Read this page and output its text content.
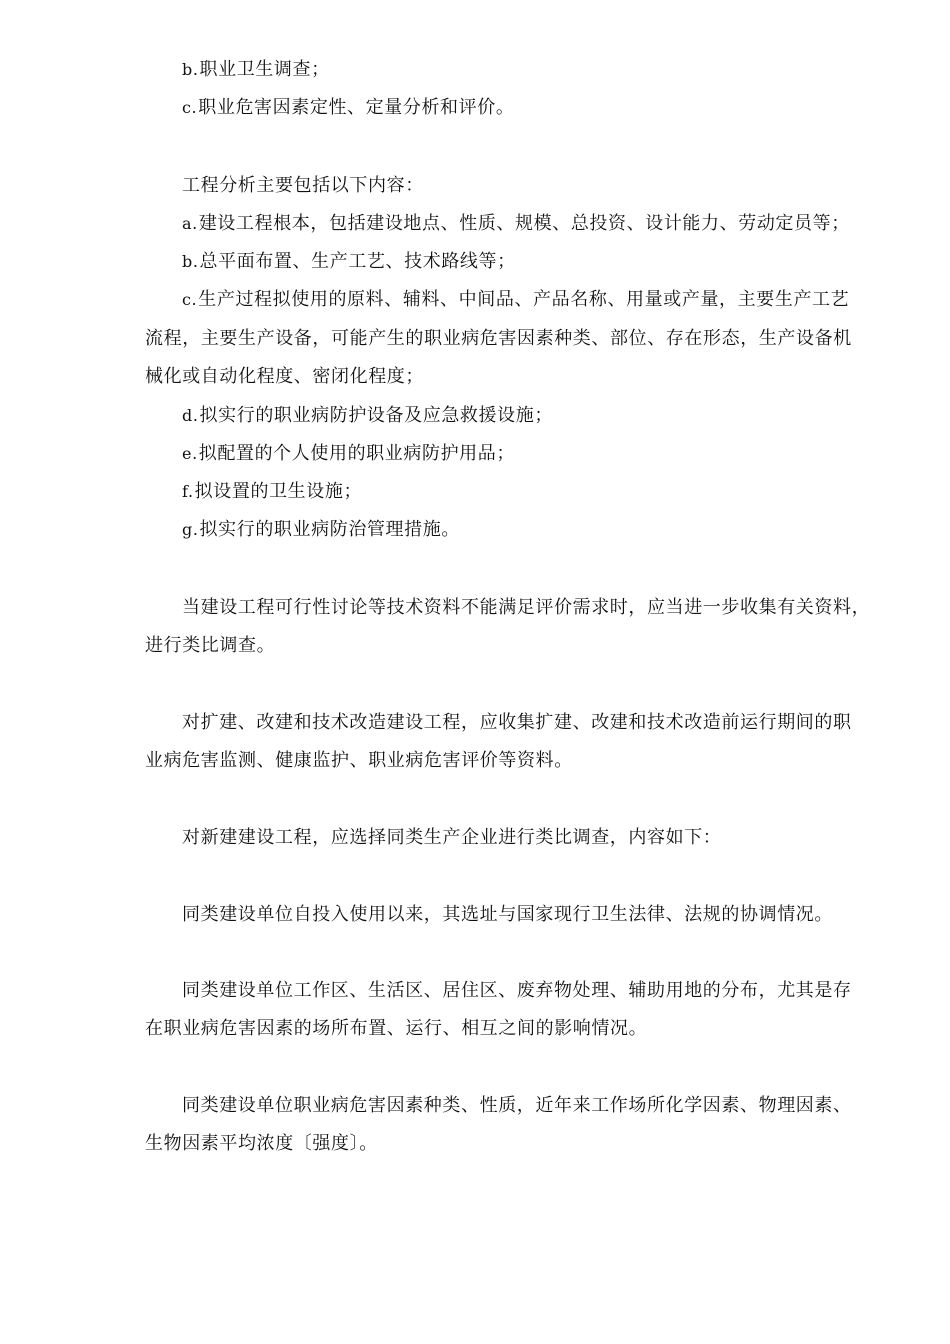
b.职业卫生调查；
c.职业危害因素定性、定量分析和评价。
工程分析主要包括以下内容：
a.建设工程根本，包括建设地点、性质、规模、总投资、设计能力、劳动定员等；
b.总平面布置、生产工艺、技术路线等；
c.生产过程拟使用的原料、辅料、中间品、产品名称、用量或产量，主要生产工艺
流程，主要生产设备，可能产生的职业病危害因素种类、部位、存在形态，生产设备机
械化或自动化程度、密闭化程度；
d.拟实行的职业病防护设备及应急救援设施；
e.拟配置的个人使用的职业病防护用品；
f.拟设置的卫生设施；
g.拟实行的职业病防治管理措施。
当建设工程可行性讨论等技术资料不能满足评价需求时，应当进一步收集有关资料，
进行类比调查。
对扩建、改建和技术改造建设工程，应收集扩建、改建和技术改造前运行期间的职
业病危害监测、健康监护、职业病危害评价等资料。
对新建建设工程，应选择同类生产企业进行类比调查，内容如下：
同类建设单位自投入使用以来，其选址与国家现行卫生法律、法规的协调情况。
同类建设单位工作区、生活区、居住区、废弃物处理、辅助用地的分布，尤其是存
在职业病危害因素的场所布置、运行、相互之间的影响情况。
同类建设单位职业病危害因素种类、性质，近年来工作场所化学因素、物理因素、
生物因素平均浓度〔强度〕。
